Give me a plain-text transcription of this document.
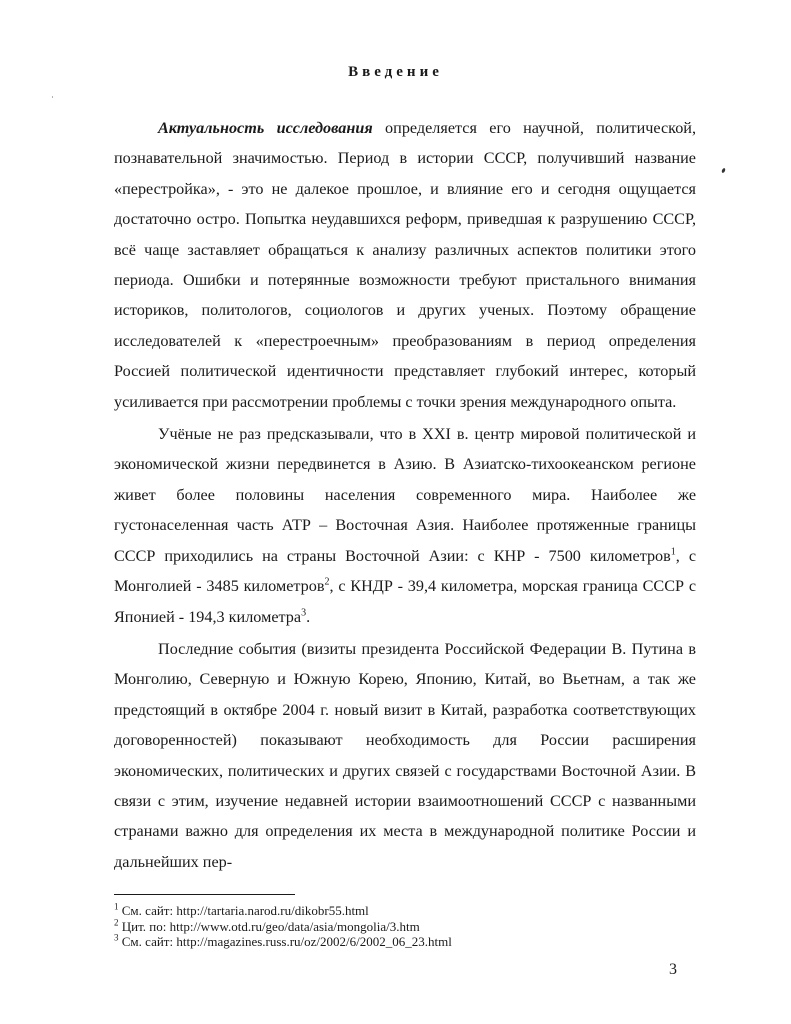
Введение

Актуальность исследования определяется его научной, политической, познавательной значимостью. Период в истории СССР, получивший название «перестройка», - это не далекое прошлое, и влияние его и сегодня ощущается достаточно остро. Попытка неудавшихся реформ, приведшая к разрушению СССР, всё чаще заставляет обращаться к анализу различных аспектов политики этого периода. Ошибки и потерянные возможности требуют пристального внимания историков, политологов, социологов и других ученых. Поэтому обращение исследователей к «перестроечным» преобразованиям в период определения Россией политической идентичности представляет глубокий интерес, который усиливается при рассмотрении проблемы с точки зрения международного опыта.

Учёные не раз предсказывали, что в XXI в. центр мировой политической и экономической жизни передвинется в Азию. В Азиатско-тихоокеанском регионе живет более половины населения современного мира. Наиболее же густонаселенная часть АТР – Восточная Азия. Наиболее протяженные границы СССР приходились на страны Восточной Азии: с КНР - 7500 километров$^1$, с Монголией - 3485 километров$^2$, с КНДР - 39,4 километра, морская граница СССР с Японией - 194,3 километра$^3$.

Последние события (визиты президента Российской Федерации В. Путина в Монголию, Северную и Южную Корею, Японию, Китай, во Вьетнам, а так же предстоящий в октябре 2004 г. новый визит в Китай, разработка соответствующих договоренностей) показывают необходимость для России расширения экономических, политических и других связей с государствами Восточной Азии. В связи с этим, изучение недавней истории взаимоотношений СССР с названными странами важно для определения их места в международной политике России и дальнейших пер-

$^1$ См. сайт: http://tartaria.narod.ru/dikobr55.html
$^2$ Цит. по: http://www.otd.ru/geo/data/asia/mongolia/3.htm
$^3$ См. сайт: http://magazines.russ.ru/oz/2002/6/2002_06_23.html
3
